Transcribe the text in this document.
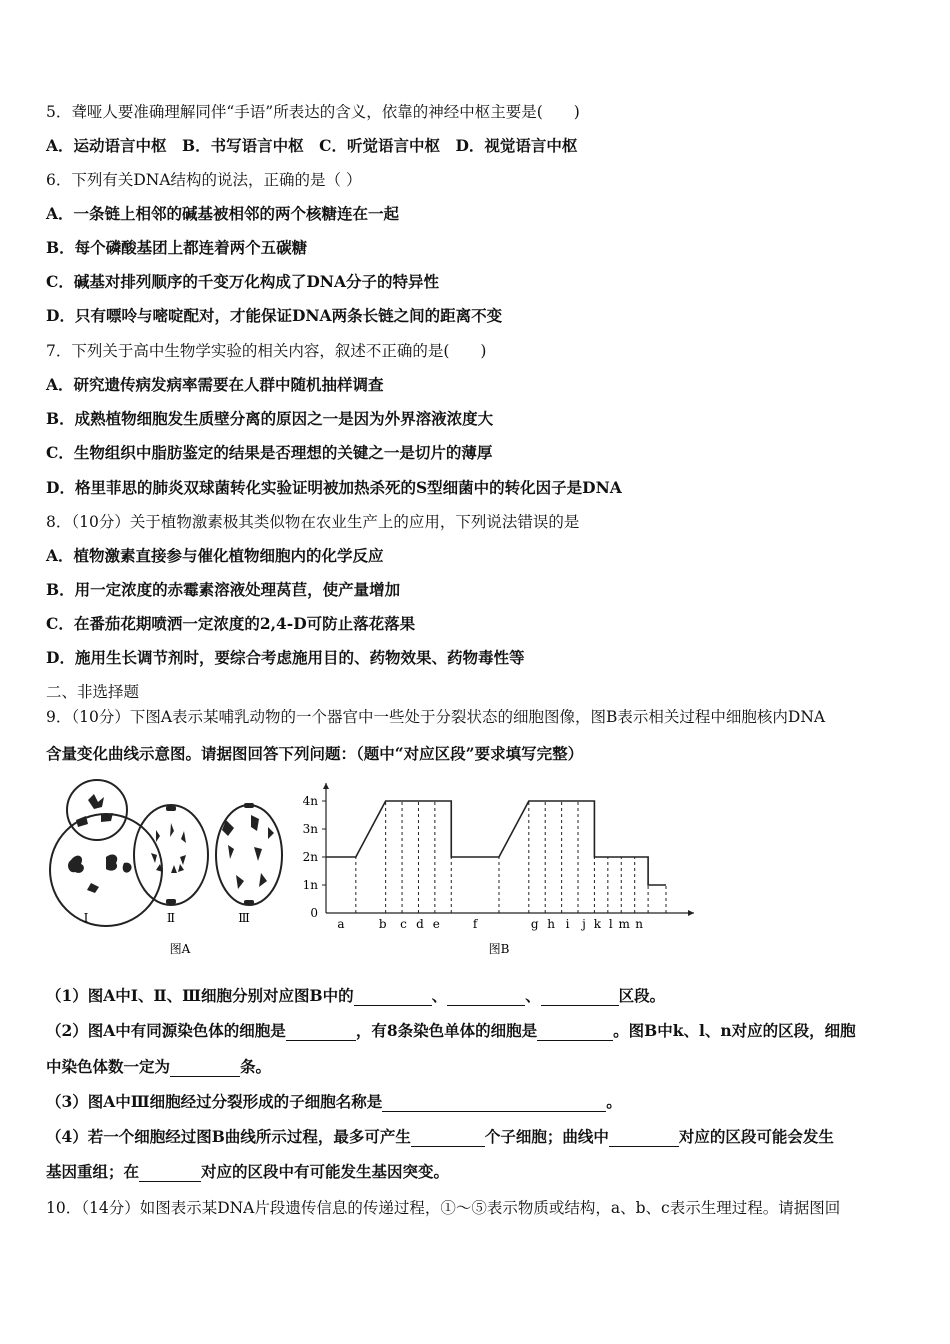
5．聋哑人要准确理解同伴“手语”所表达的含义，依靠的神经中枢主要是(　　)
A．运动语言中枢　B．书写语言中枢　C．听觉语言中枢　D．视觉语言中枢
6．下列有关DNA结构的说法，正确的是（ ）
A．一条链上相邻的碱基被相邻的两个核糖连在一起
B．每个磷酸基团上都连着两个五碳糖
C．碱基对排列顺序的千变万化构成了DNA分子的特异性
D．只有嘌呤与嘧啶配对，才能保证DNA两条长链之间的距离不变
7．下列关于高中生物学实验的相关内容，叙述不正确的是(　　)
A．研究遗传病发病率需要在人群中随机抽样调查
B．成熟植物细胞发生质壁分离的原因之一是因为外界溶液浓度大
C．生物组织中脂肪鉴定的结果是否理想的关键之一是切片的薄厚
D．格里菲思的肺炎双球菌转化实验证明被加热杀死的S型细菌中的转化因子是DNA
8．（10分）关于植物激素极其类似物在农业生产上的应用，下列说法错误的是
A．植物激素直接参与催化植物细胞内的化学反应
B．用一定浓度的赤霉素溶液处理莴苣，使产量增加
C．在番茄花期喷洒一定浓度的2,4-D可防止落花落果
D．施用生长调节剂时，要综合考虑施用目的、药物效果、药物毒性等
二、非选择题
9．（10分）下图A表示某哺乳动物的一个器官中一些处于分裂状态的细胞图像，图B表示相关过程中细胞核内DNA
含量变化曲线示意图。请据图回答下列问题：（题中“对应区段”要求填写完整）
Ⅰ	Ⅱ	Ⅲ
图A
0
1n
2n
3n
4n
a	b c d e	f	g h i j k l m n
图B
（1）图A中Ⅰ、Ⅱ、Ⅲ细胞分别对应图B中的	、	、	区段。
（2）图A中有同源染色体的细胞是	，有8条染色单体的细胞是	。图B中k、l、n对应的区段，细胞
中染色体数一定为	条。
（3）图A中Ⅲ细胞经过分裂形成的子细胞名称是	。
（4）若一个细胞经过图B曲线所示过程，最多可产生	个子细胞；曲线中	对应的区段可能会发生
基因重组；在	对应的区段中有可能发生基因突变。
10．（14分）如图表示某DNA片段遗传信息的传递过程，①～⑤表示物质或结构，a、b、c表示生理过程。请据图回
